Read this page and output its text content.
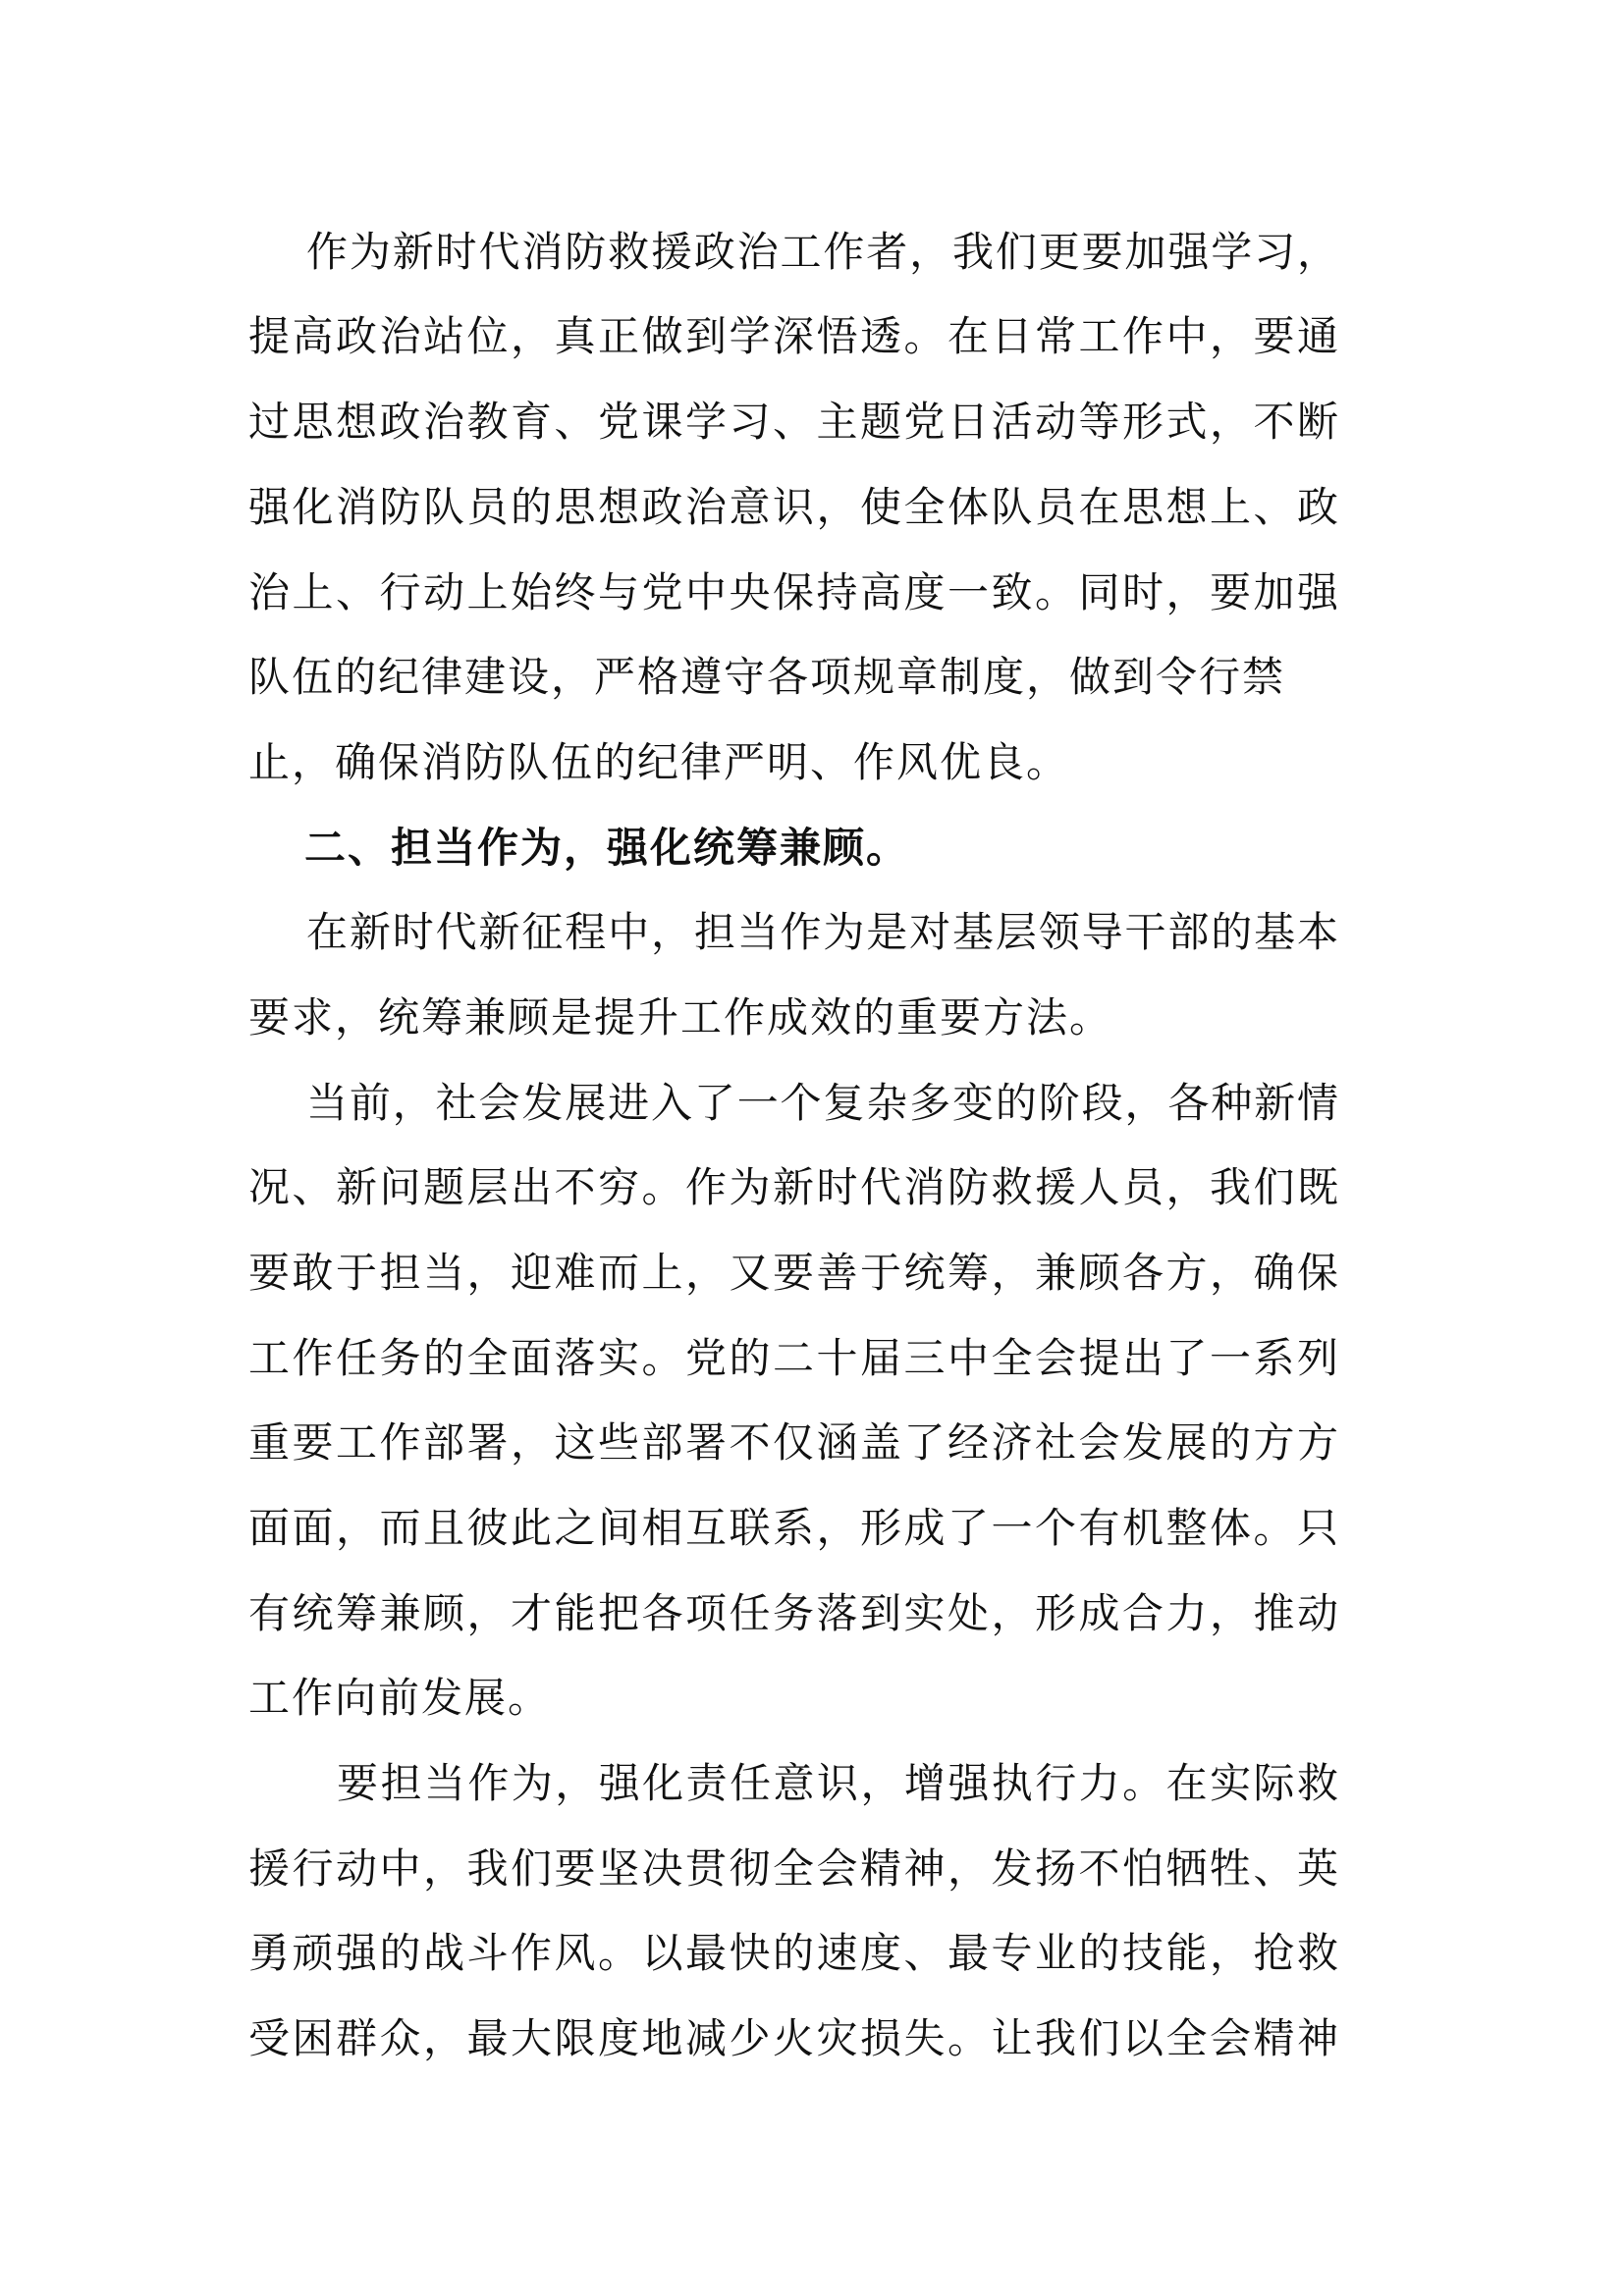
作为新时代消防救援政治工作者，我们更要加强学习，
提高政治站位，真正做到学深悟透。在日常工作中，要通
过思想政治教育、党课学习、主题党日活动等形式，不断
强化消防队员的思想政治意识，使全体队员在思想上、政
治上、行动上始终与党中央保持高度一致。同时，要加强
队伍的纪律建设，严格遵守各项规章制度，做到令行禁
止，确保消防队伍的纪律严明、作风优良。
二、担当作为，强化统筹兼顾。
在新时代新征程中，担当作为是对基层领导干部的基本
要求，统筹兼顾是提升工作成效的重要方法。
当前，社会发展进入了一个复杂多变的阶段，各种新情
况、新问题层出不穷。作为新时代消防救援人员，我们既
要敢于担当，迎难而上，又要善于统筹，兼顾各方，确保
工作任务的全面落实。党的二十届三中全会提出了一系列
重要工作部署，这些部署不仅涵盖了经济社会发展的方方
面面，而且彼此之间相互联系，形成了一个有机整体。只
有统筹兼顾，才能把各项任务落到实处，形成合力，推动
工作向前发展。
要担当作为，强化责任意识，增强执行力。在实际救
援行动中，我们要坚决贯彻全会精神，发扬不怕牺牲、英
勇顽强的战斗作风。以最快的速度、最专业的技能，抢救
受困群众，最大限度地减少火灾损失。让我们以全会精神
